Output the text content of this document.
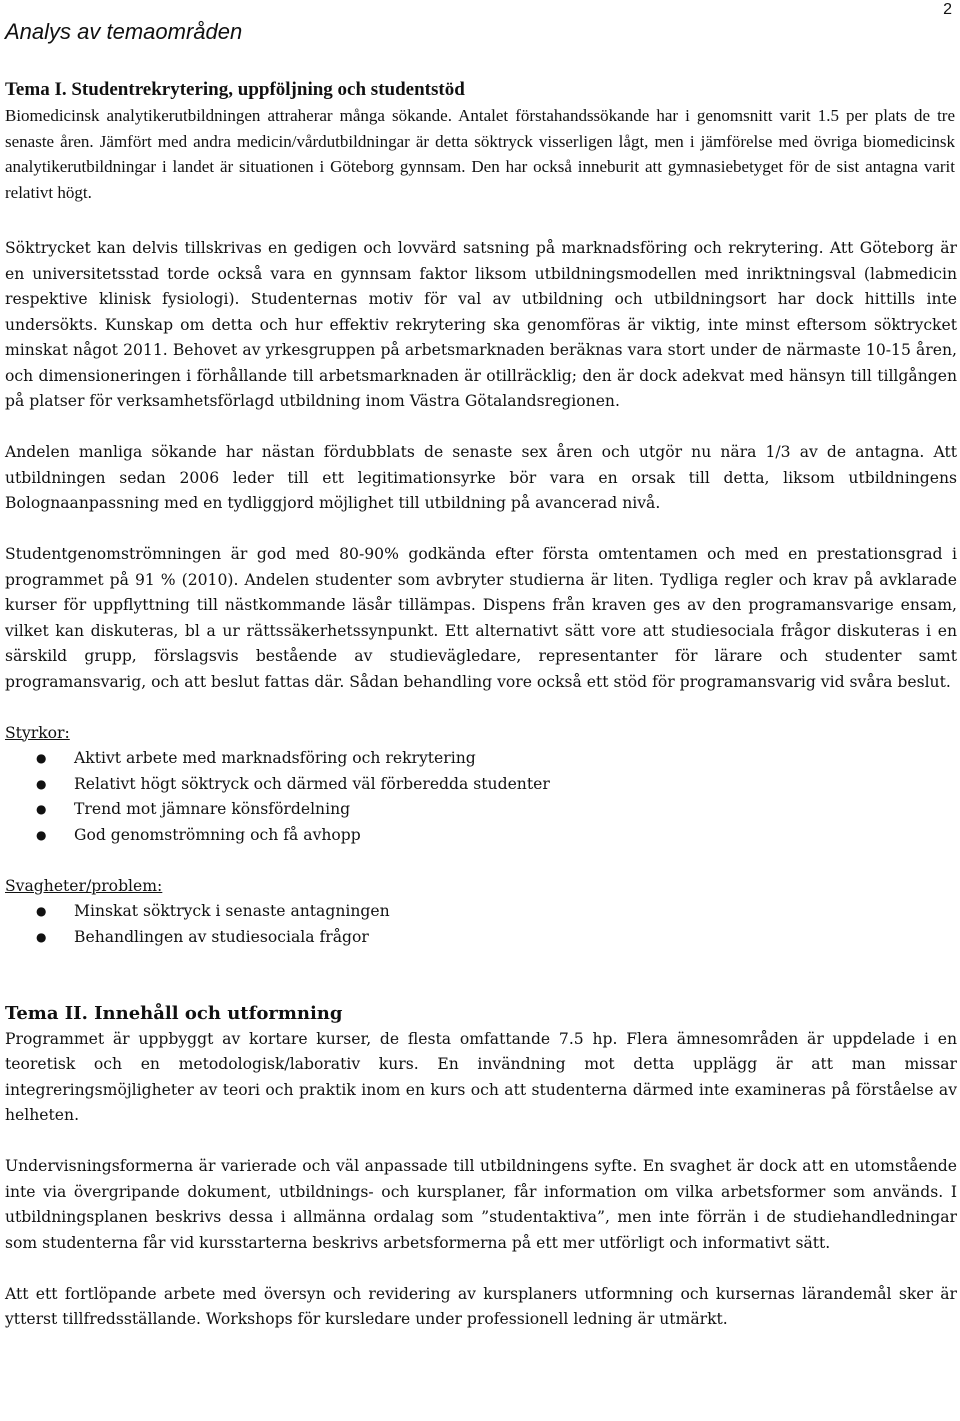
2
Analys av temaområden
Tema I. Studentrekrytering, uppföljning och studentstöd

Biomedicinsk analytikerutbildningen attraherar många sökande. Antalet förstahandssökande har i genomsnitt varit 1.5 per plats de tre senaste åren. Jämfört med andra medicin/vårdutbildningar är detta söktryck visserligen lågt, men i jämförelse med övriga biomedicinsk analytikerutbildningar i landet är situationen i Göteborg gynnsam. Den har också inneburit att gymnasiebetyget för de sist antagna varit relativt högt.

Söktrycket kan delvis tillskrivas en gedigen och lovvärd satsning på marknadsföring och rekrytering. Att Göteborg är en universitetsstad torde också vara en gynnsam faktor liksom utbildningsmodellen med inriktningsval (labmedicin respektive klinisk fysiologi). Studenternas motiv för val av utbildning och utbildningsort har dock hittills inte undersökts. Kunskap om detta och hur effektiv rekrytering ska genomföras är viktig, inte minst eftersom söktrycket minskat något 2011. Behovet av yrkesgruppen på arbetsmarknaden beräknas vara stort under de närmaste 10-15 åren, och dimensioneringen i förhållande till arbetsmarknaden är otillräcklig; den är dock adekvat med hänsyn till tillgången på platser för verksamhetsförlagd utbildning inom Västra Götalandsregionen.

Andelen manliga sökande har nästan fördubblats de senaste sex åren och utgör nu nära 1/3 av de antagna. Att utbildningen sedan 2006 leder till ett legitimationsyrke bör vara en orsak till detta, liksom utbildningens Bolognaanpassning med en tydliggjord möjlighet till utbildning på avancerad nivå.

Studentgenomströmningen är god med 80-90% godkända efter första omtentamen och med en prestationsgrad i programmet på 91 % (2010). Andelen studenter som avbryter studierna är liten. Tydliga regler och krav på avklarade kurser för uppflyttning till nästkommande läsår tillämpas. Dispens från kraven ges av den programansvarige ensam, vilket kan diskuteras, bl a ur rättssäkerhetssynpunkt. Ett alternativt sätt vore att studiesociala frågor diskuteras i en särskild grupp, förslagsvis bestående av studievägledare, representanter för lärare och studenter samt programansvarig, och att beslut fattas där. Sådan behandling vore också ett stöd för programansvarig vid svåra beslut.

Styrkor:

● Aktivt arbete med marknadsföring och rekrytering
● Relativt högt söktryck och därmed väl förberedda studenter
● Trend mot jämnare könsfördelning
● God genomströmning och få avhopp

Svagheter/problem:

● Minskat söktryck i senaste antagningen
● Behandlingen av studiesociala frågor
Tema II. Innehåll och utformning

Programmet är uppbyggt av kortare kurser, de flesta omfattande 7.5 hp. Flera ämnesområden är uppdelade i en teoretisk och en metodologisk/laborativ kurs. En invändning mot detta upplägg är att man missar integreringsmöjligheter av teori och praktik inom en kurs och att studenterna därmed inte examineras på förståelse av helheten.

Undervisningsformerna är varierade och väl anpassade till utbildningens syfte. En svaghet är dock att en utomstående inte via övergripande dokument, utbildnings- och kursplaner, får information om vilka arbetsformer som används. I utbildningsplanen beskrivs dessa i allmänna ordalag som ”studentaktiva”, men inte förrän i de studiehandledningar som studenterna får vid kursstarterna beskrivs arbetsformerna på ett mer utförligt och informativt sätt.

Att ett fortlöpande arbete med översyn och revidering av kursplaners utformning och kursernas lärandemål sker är ytterst tillfredsställande. Workshops för kursledare under professionell ledning är utmärkt.
